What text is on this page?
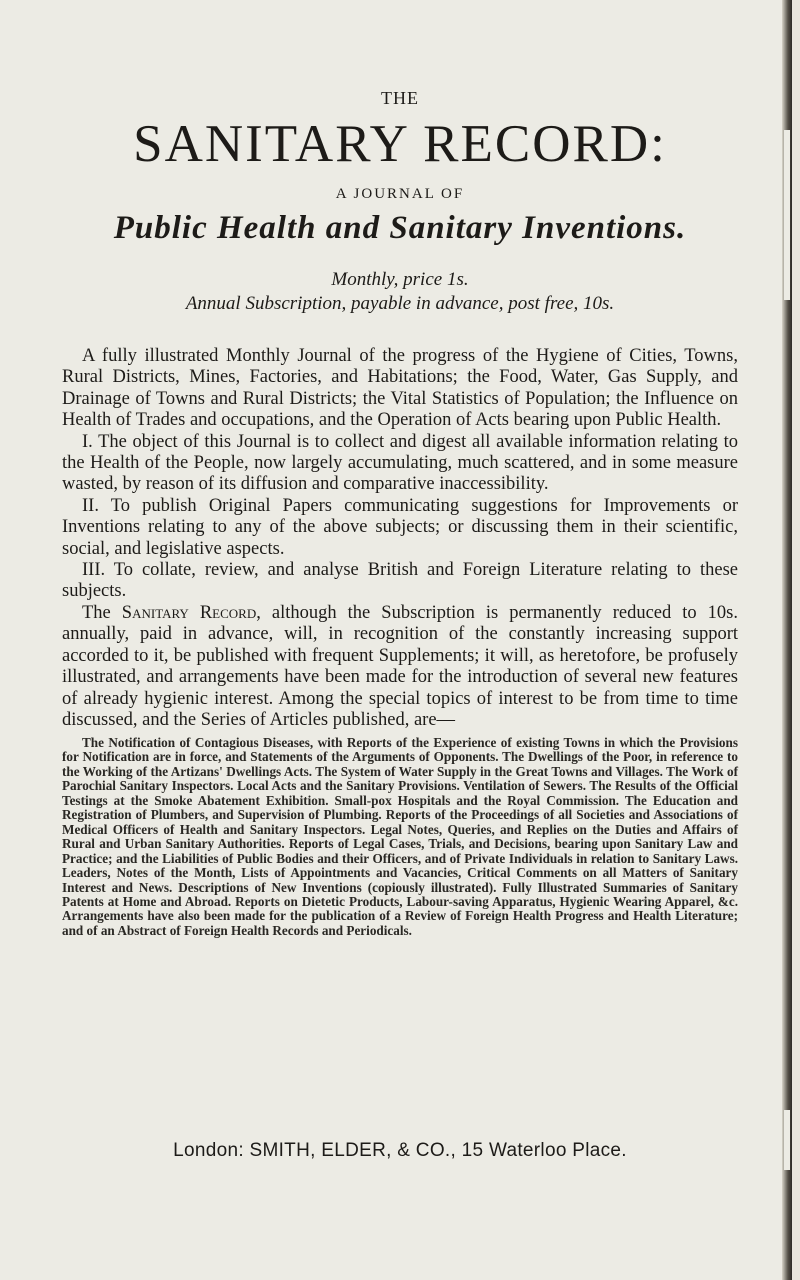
THE
SANITARY RECORD:
A JOURNAL OF
Public Health and Sanitary Inventions.
Monthly, price 1s.
Annual Subscription, payable in advance, post free, 10s.

A fully illustrated Monthly Journal of the progress of the Hygiene of Cities, Towns, Rural Districts, Mines, Factories, and Habitations; the Food, Water, Gas Supply, and Drainage of Towns and Rural Districts; the Vital Statistics of Population; the Influence on Health of Trades and occupations, and the Operation of Acts bearing upon Public Health.

I. The object of this Journal is to collect and digest all available information relating to the Health of the People, now largely accumulating, much scattered, and in some measure wasted, by reason of its diffusion and comparative inaccessibility.

II. To publish Original Papers communicating suggestions for Improvements or Inventions relating to any of the above subjects; or discussing them in their scientific, social, and legislative aspects.

III. To collate, review, and analyse British and Foreign Literature relating to these subjects.

The Sanitary Record, although the Subscription is permanently reduced to 10s. annually, paid in advance, will, in recognition of the constantly increasing support accorded to it, be published with frequent Supplements; it will, as heretofore, be profusely illustrated, and arrangements have been made for the introduction of several new features of already hygienic interest. Among the special topics of interest to be from time to time discussed, and the Series of Articles published, are—

The Notification of Contagious Diseases, with Reports of the Experience of existing Towns in which the Provisions for Notification are in force, and Statements of the Arguments of Opponents. The Dwellings of the Poor, in reference to the Working of the Artizans' Dwellings Acts. The System of Water Supply in the Great Towns and Villages. The Work of Parochial Sanitary Inspectors. Local Acts and the Sanitary Provisions. Ventilation of Sewers. The Results of the Official Testings at the Smoke Abatement Exhibition. Small-pox Hospitals and the Royal Commission. The Education and Registration of Plumbers, and Supervision of Plumbing. Reports of the Proceedings of all Societies and Associations of Medical Officers of Health and Sanitary Inspectors. Legal Notes, Queries, and Replies on the Duties and Affairs of Rural and Urban Sanitary Authorities. Reports of Legal Cases, Trials, and Decisions, bearing upon Sanitary Law and Practice; and the Liabilities of Public Bodies and their Officers, and of Private Individuals in relation to Sanitary Laws. Leaders, Notes of the Month, Lists of Appointments and Vacancies, Critical Comments on all Matters of Sanitary Interest and News. Descriptions of New Inventions (copiously illustrated). Fully Illustrated Summaries of Sanitary Patents at Home and Abroad. Reports on Dietetic Products, Labour-saving Apparatus, Hygienic Wearing Apparel, &c. Arrangements have also been made for the publication of a Review of Foreign Health Progress and Health Literature; and of an Abstract of Foreign Health Records and Periodicals.

London: SMITH, ELDER, & CO., 15 Waterloo Place.
